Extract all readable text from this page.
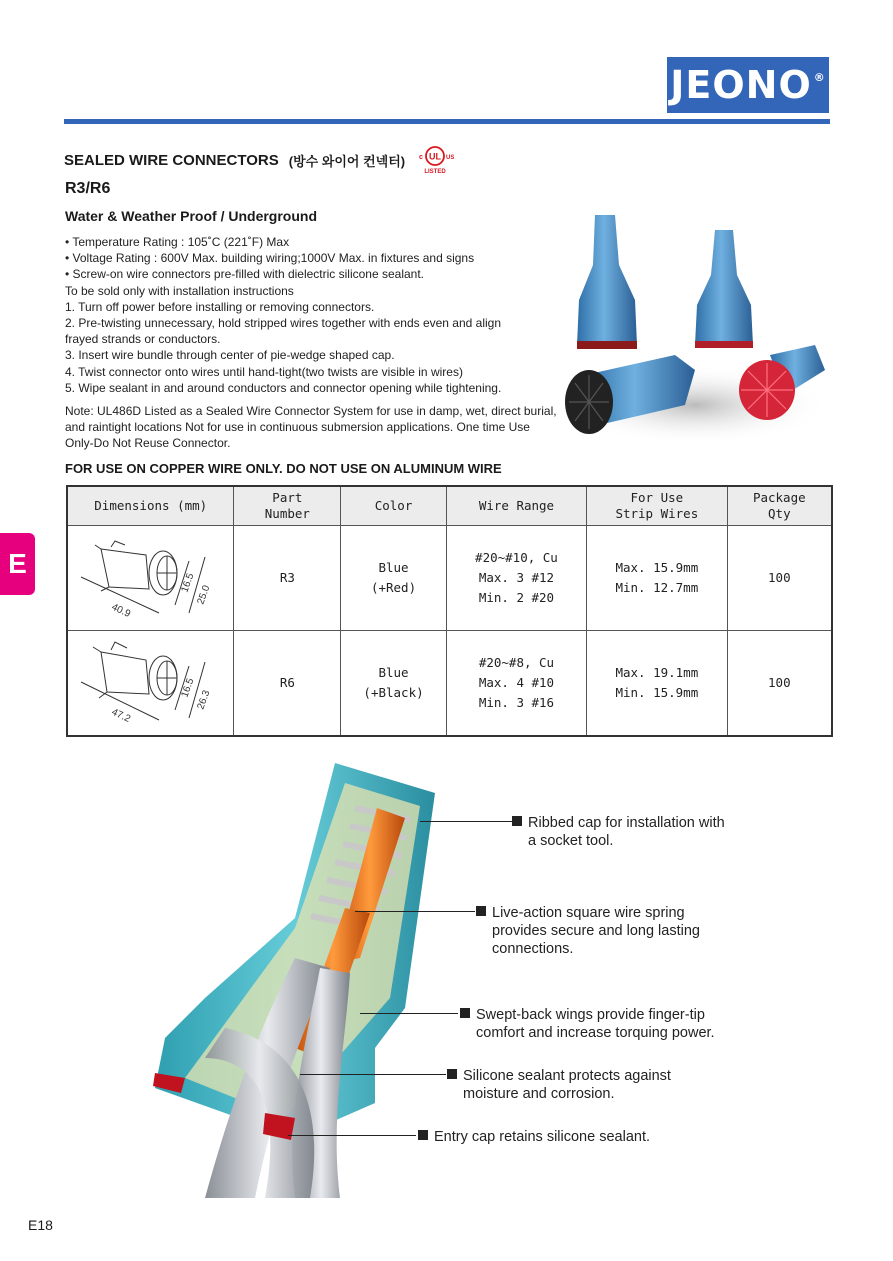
JEONO®
SEALED WIRE CONNECTORS (방수 와이어 컨넥터) c UL US
LISTED
R3/R6
Water & Weather Proof / Underground
• Temperature Rating : 105˚C (221˚F) Max
• Voltage Rating : 600V Max. building wiring;1000V Max. in fixtures and signs
• Screw-on wire connectors pre-filled with dielectric silicone sealant.
To be sold only with installation instructions
1. Turn off power before installing or removing connectors.
2. Pre-twisting unnecessary, hold stripped wires together with ends even and align
frayed strands or conductors.
3. Insert wire bundle through center of pie-wedge shaped cap.
4. Twist connector onto wires until hand-tight(two twists are visible in wires)
5. Wipe sealant in and around conductors and connector opening while tightening.
Note: UL486D Listed as a Sealed Wire Connector System for use in damp, wet, direct burial, and raintight locations Not for use in continuous submersion applications. One time Use Only-Do Not Reuse Connector.
FOR USE ON COPPER WIRE ONLY. DO NOT USE ON ALUMINUM WIRE
Dimensions (mm)	Part Number	Color	Wire Range	For Use Strip Wires	Package Qty

40.9
16.5
25.0	R3	Blue
(+Red)	#20~#10, Cu
Max. 3 #12
Min. 2 #20	Max. 15.9mm
Min. 12.7mm	100

47.2
16.5
26.3	R6	Blue
(+Black)	#20~#8, Cu
Max. 4 #10
Min. 3 #16	Max. 19.1mm
Min. 15.9mm	100
E
Ribbed cap for installation with
a socket tool.
Live-action square wire spring
provides secure and long lasting
connections.
Swept-back wings provide finger-tip
comfort and increase torquing power.
Silicone sealant protects against
moisture and corrosion.
Entry cap retains silicone sealant.
E18
